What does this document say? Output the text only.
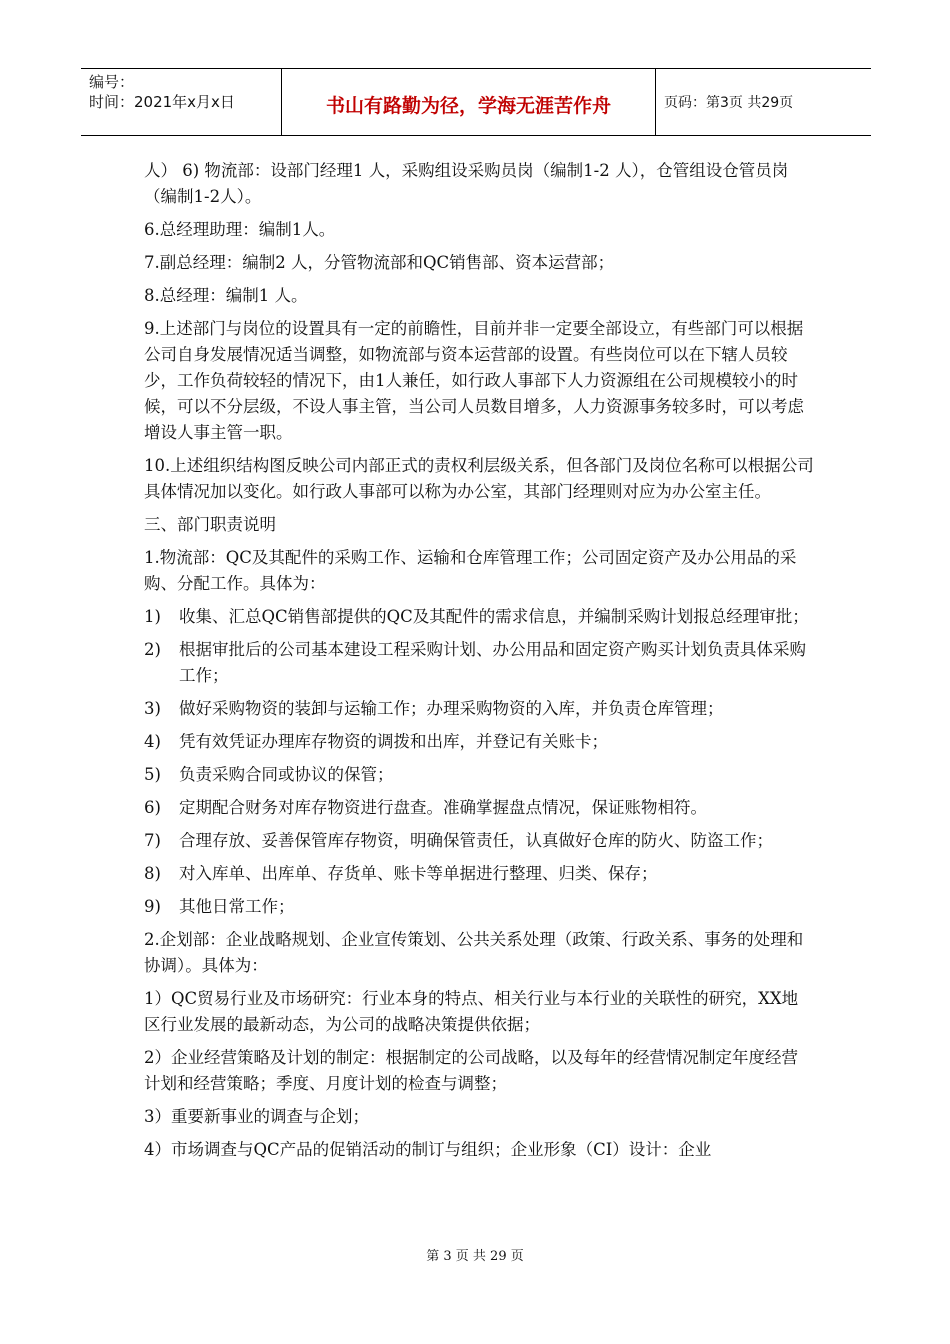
编号：
时间：2021年x月x日	书山有路勤为径，学海无涯苦作舟	页码：第3页 共29页

人） 6) 物流部：设部门经理1 人，采购组设采购员岗（编制1-2 人），仓管组设仓管员岗（编制1-2人）。

6.总经理助理：编制1人。

7.副总经理：编制2 人，分管物流部和QC销售部、资本运营部；

8.总经理：编制1 人。

9.上述部门与岗位的设置具有一定的前瞻性，目前并非一定要全部设立，有些部门可以根据公司自身发展情况适当调整，如物流部与资本运营部的设置。有些岗位可以在下辖人员较少，工作负荷较轻的情况下，由1人兼任，如行政人事部下人力资源组在公司规模较小的时候，可以不分层级，不设人事主管，当公司人员数目增多，人力资源事务较多时，可以考虑增设人事主管一职。

10.上述组织结构图反映公司内部正式的责权利层级关系，但各部门及岗位名称可以根据公司具体情况加以变化。如行政人事部可以称为办公室，其部门经理则对应为办公室主任。

三、部门职责说明

1.物流部：QC及其配件的采购工作、运输和仓库管理工作；公司固定资产及办公用品的采购、分配工作。具体为：

1)	收集、汇总QC销售部提供的QC及其配件的需求信息，并编制采购计划报总经理审批；
2)	根据审批后的公司基本建设工程采购计划、办公用品和固定资产购买计划负责具体采购工作；
3)	做好采购物资的装卸与运输工作；办理采购物资的入库，并负责仓库管理；
4)	凭有效凭证办理库存物资的调拨和出库，并登记有关账卡；
5)	负责采购合同或协议的保管；
6)	定期配合财务对库存物资进行盘查。准确掌握盘点情况，保证账物相符。
7)	合理存放、妥善保管库存物资，明确保管责任，认真做好仓库的防火、防盗工作；
8)	对入库单、出库单、存货单、账卡等单据进行整理、归类、保存；
9)	其他日常工作；

2.企划部：企业战略规划、企业宣传策划、公共关系处理（政策、行政关系、事务的处理和协调）。具体为：

1）QC贸易行业及市场研究：行业本身的特点、相关行业与本行业的关联性的研究，XX地区行业发展的最新动态，为公司的战略决策提供依据；

2）企业经营策略及计划的制定：根据制定的公司战略，以及每年的经营情况制定年度经营计划和经营策略；季度、月度计划的检查与调整；

3）重要新事业的调查与企划；

4）市场调查与QC产品的促销活动的制订与组织；企业形象（CI）设计：企业

第 3 页 共 29 页
